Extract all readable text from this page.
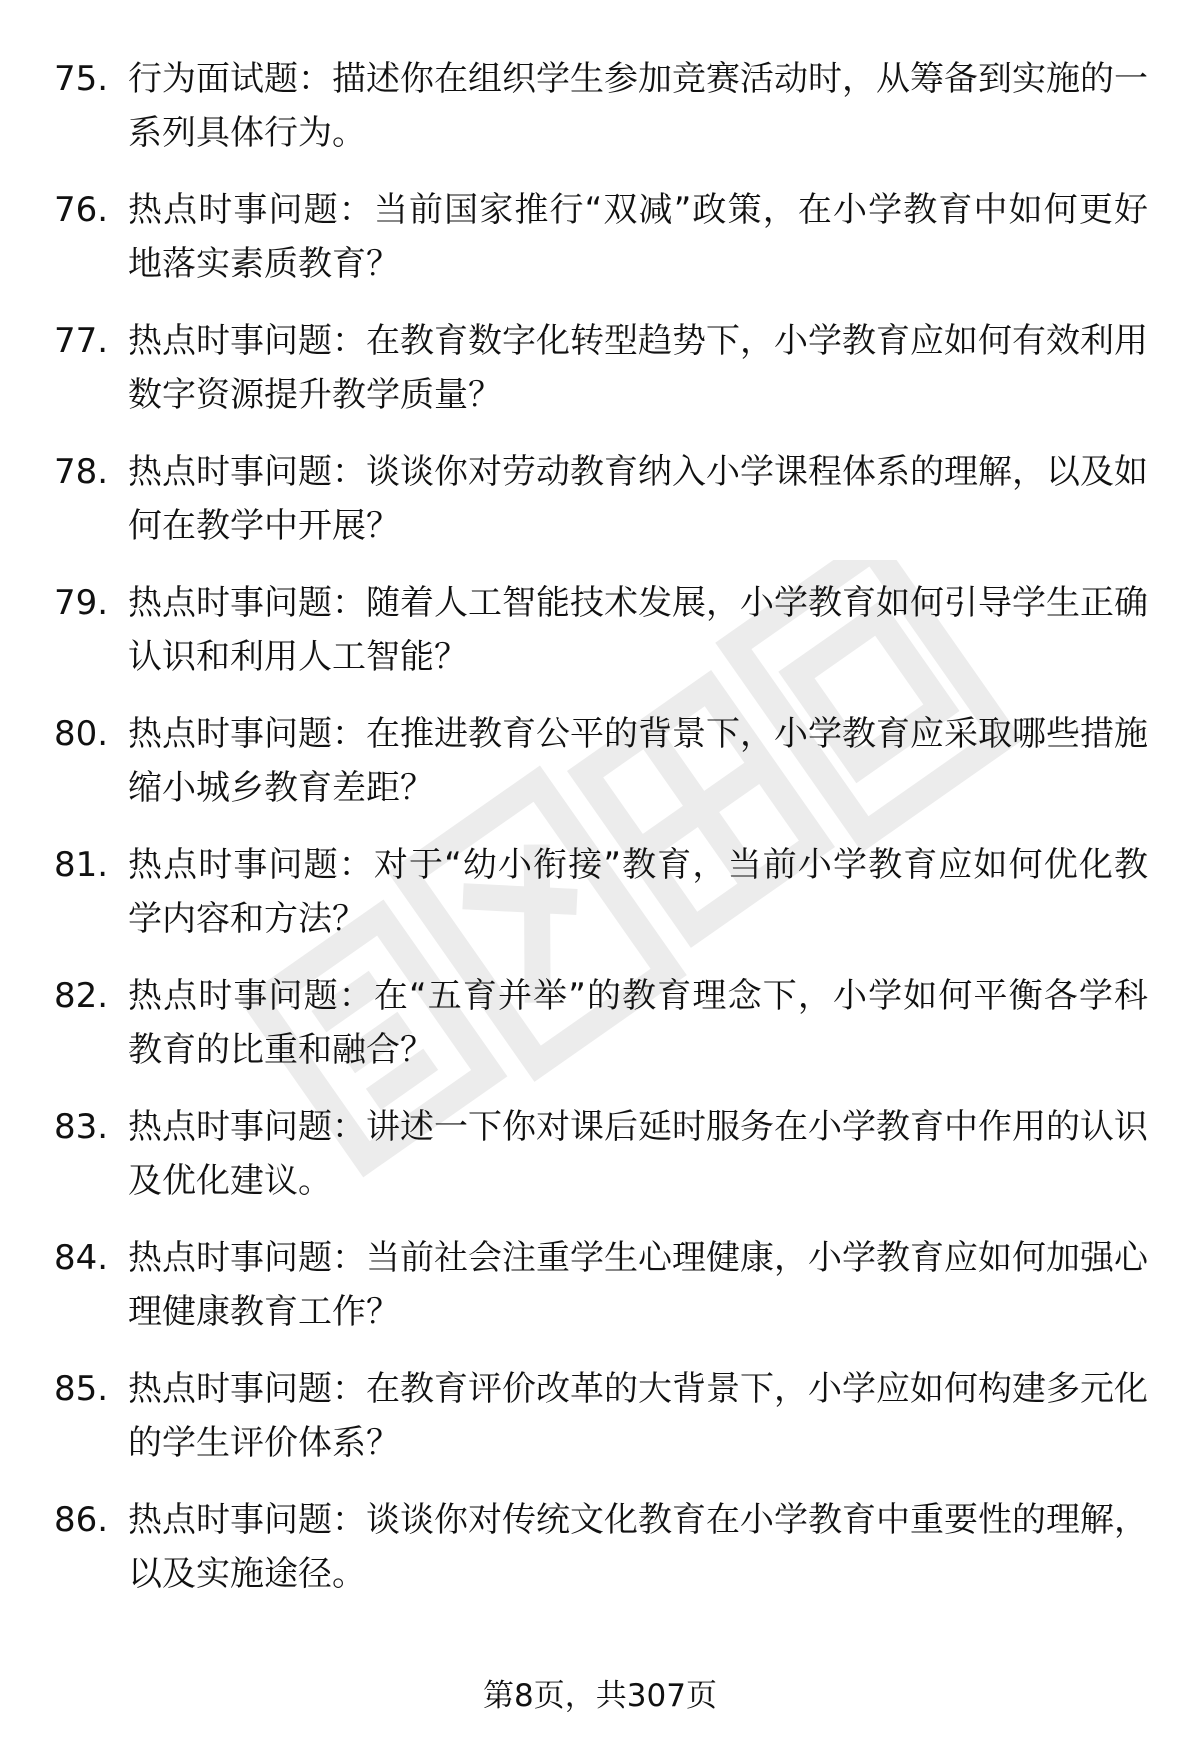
75. 行为面试题：描述你在组织学生参加竞赛活动时，从筹备到实施的一系列具体行为。
76. 热点时事问题：当前国家推行“双减”政策，在小学教育中如何更好地落实素质教育？
77. 热点时事问题：在教育数字化转型趋势下，小学教育应如何有效利用数字资源提升教学质量？
78. 热点时事问题：谈谈你对劳动教育纳入小学课程体系的理解，以及如何在教学中开展？
79. 热点时事问题：随着人工智能技术发展，小学教育如何引导学生正确认识和利用人工智能？
80. 热点时事问题：在推进教育公平的背景下，小学教育应采取哪些措施缩小城乡教育差距？
81. 热点时事问题：对于“幼小衔接”教育，当前小学教育应如何优化教学内容和方法？
82. 热点时事问题：在“五育并举”的教育理念下，小学如何平衡各学科教育的比重和融合？
83. 热点时事问题：讲述一下你对课后延时服务在小学教育中作用的认识及优化建议。
84. 热点时事问题：当前社会注重学生心理健康，小学教育应如何加强心理健康教育工作？
85. 热点时事问题：在教育评价改革的大背景下，小学应如何构建多元化的学生评价体系？
86. 热点时事问题：谈谈你对传统文化教育在小学教育中重要性的理解，以及实施途径。
第8页，共307页
